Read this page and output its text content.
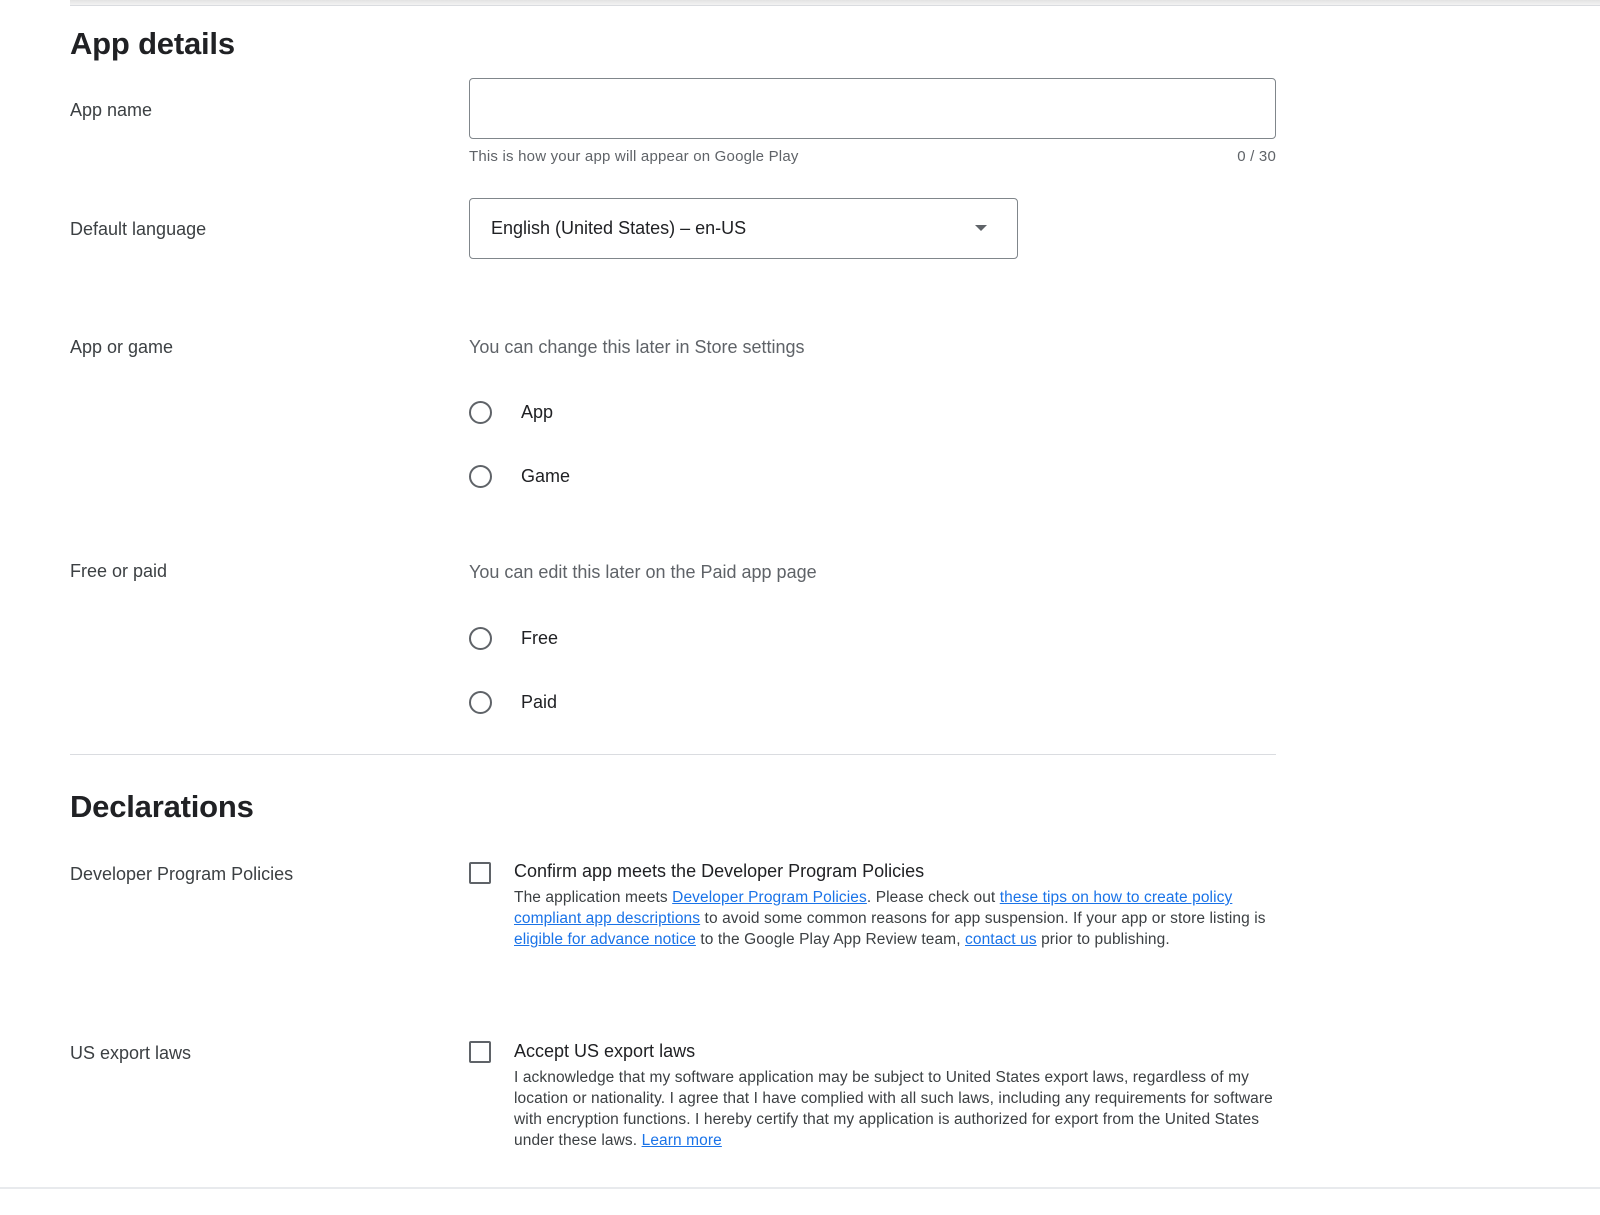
App details
App name
This is how your app will appear on Google Play	0 / 30
Default language	English (United States) – en-US
App or game	You can change this later in Store settings
App
Game
Free or paid	You can edit this later on the Paid app page
Free
Paid
Declarations
Developer Program Policies	Confirm app meets the Developer Program Policies
The application meets Developer Program Policies. Please check out these tips on how to create policy compliant app descriptions to avoid some common reasons for app suspension. If your app or store listing is eligible for advance notice to the Google Play App Review team, contact us prior to publishing.
US export laws	Accept US export laws
I acknowledge that my software application may be subject to United States export laws, regardless of my location or nationality. I agree that I have complied with all such laws, including any requirements for software with encryption functions. I hereby certify that my application is authorized for export from the United States under these laws. Learn more
